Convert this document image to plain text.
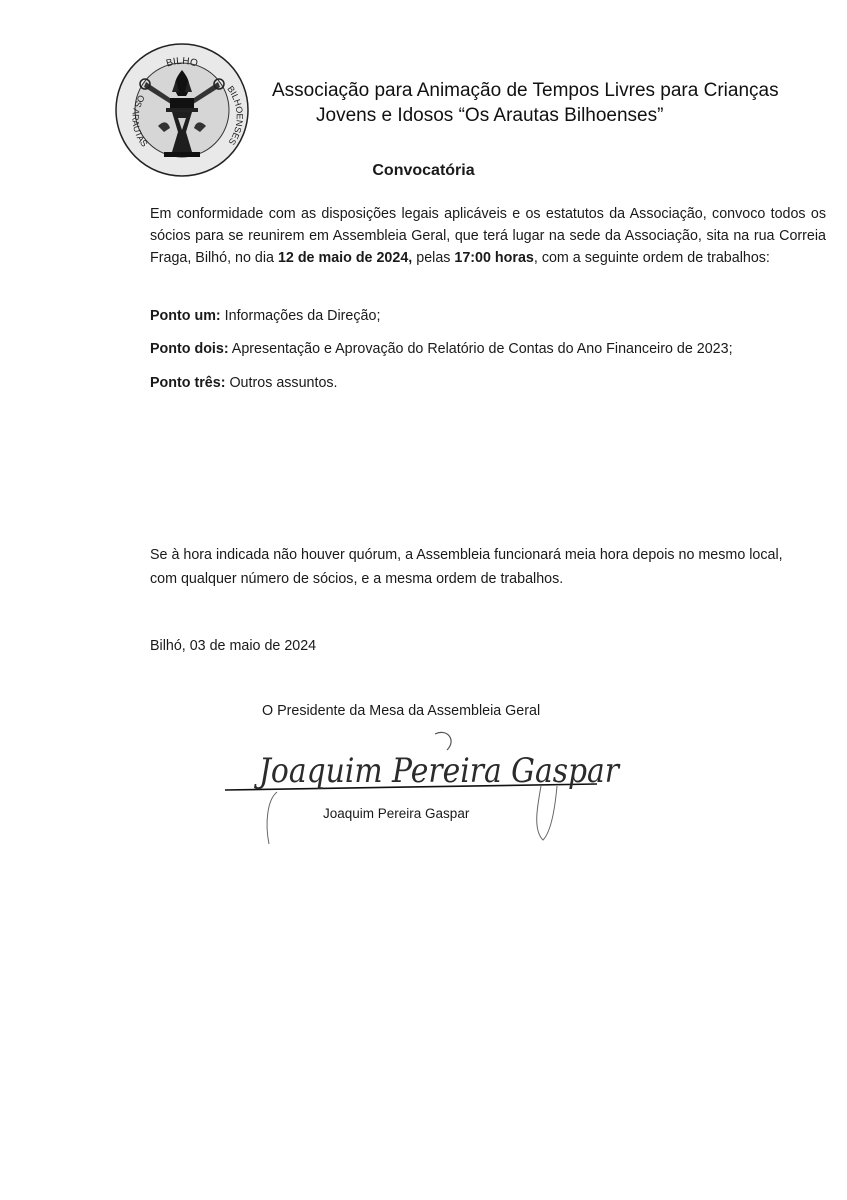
BILHO
OS ARAUTAS
BILHOENSES
Associação para Animação de Tempos Livres para Crianças
Jovens e Idosos “Os Arautas Bilhoenses”
Convocatória
Em conformidade com as disposições legais aplicáveis e os estatutos da Associação, convoco todos os sócios para se reunirem em Assembleia Geral, que terá lugar na sede da Associação, sita na rua Correia Fraga, Bilhó, no dia 12 de maio de 2024, pelas 17:00 horas, com a seguinte ordem de trabalhos:
Ponto um: Informações da Direção;
Ponto dois: Apresentação e Aprovação do Relatório de Contas do Ano Financeiro de 2023;
Ponto três: Outros assuntos.
Se à hora indicada não houver quórum, a Assembleia funcionará meia hora depois no mesmo local, com qualquer número de sócios, e a mesma ordem de trabalhos.
Bilhó, 03 de maio de 2024
O Presidente da Mesa da Assembleia Geral
Joaquim Pereira Gaspar
Joaquim Pereira Gaspar
